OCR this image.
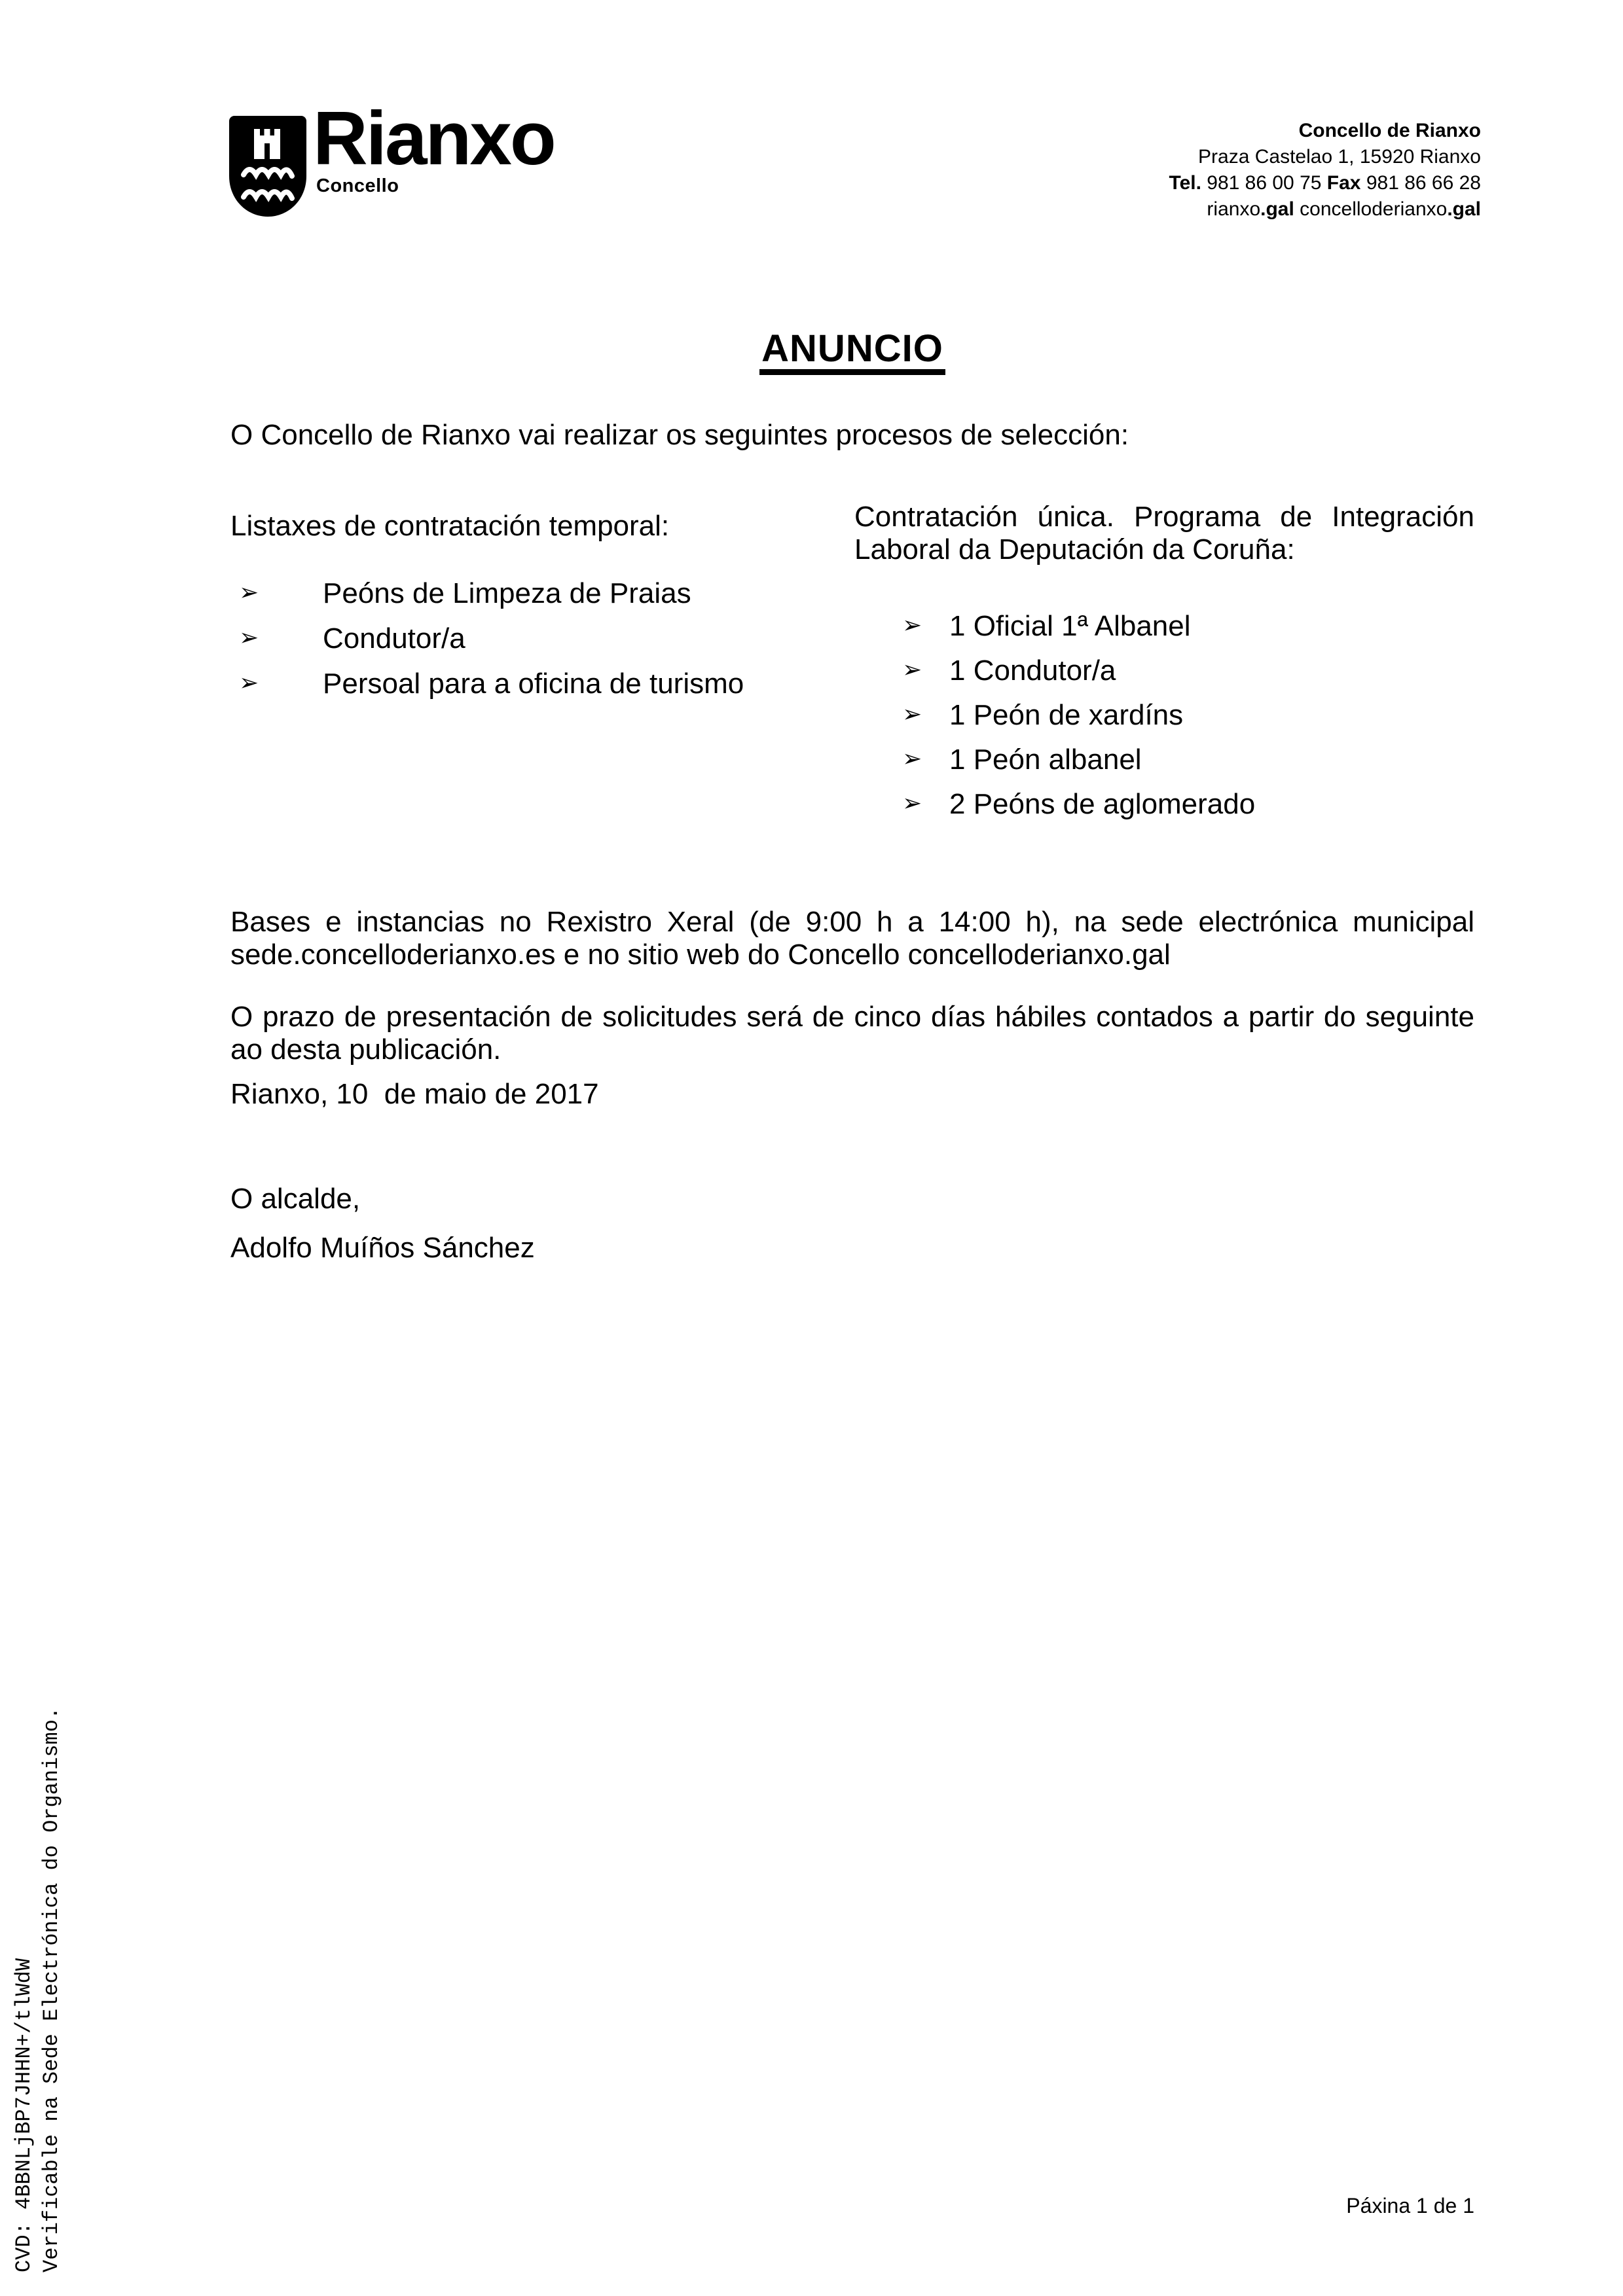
Rianxo
Concello
Concello de Rianxo
Praza Castelao 1, 15920 Rianxo
Tel. 981 86 00 75 Fax 981 86 66 28
rianxo.gal concelloderianxo.gal
ANUNCIO
O Concello de Rianxo vai realizar os seguintes procesos de selección:
Listaxes de contratación temporal:	Contratación única. Programa de Integración Laboral da Deputación da Coruña:
➢ Peóns de Limpeza de Praias
➢ Condutor/a
➢ Persoal para a oficina de turismo
➢ 1 Oficial 1ª Albanel
➢ 1 Condutor/a
➢ 1 Peón de xardíns
➢ 1 Peón albanel
➢ 2 Peóns de aglomerado
Bases e instancias no Rexistro Xeral (de 9:00 h a 14:00 h), na sede electrónica municipal sede.concelloderianxo.es e no sitio web do Concello concelloderianxo.gal
O prazo de presentación de solicitudes será de cinco días hábiles contados a partir do seguinte ao desta publicación.
Rianxo, 10  de maio de 2017
O alcalde,
Adolfo Muíños Sánchez
CVD: 4BBNLjBP7JHHN+/tlWdW Verificable na Sede Electrónica do Organismo.	Páxina 1 de 1
